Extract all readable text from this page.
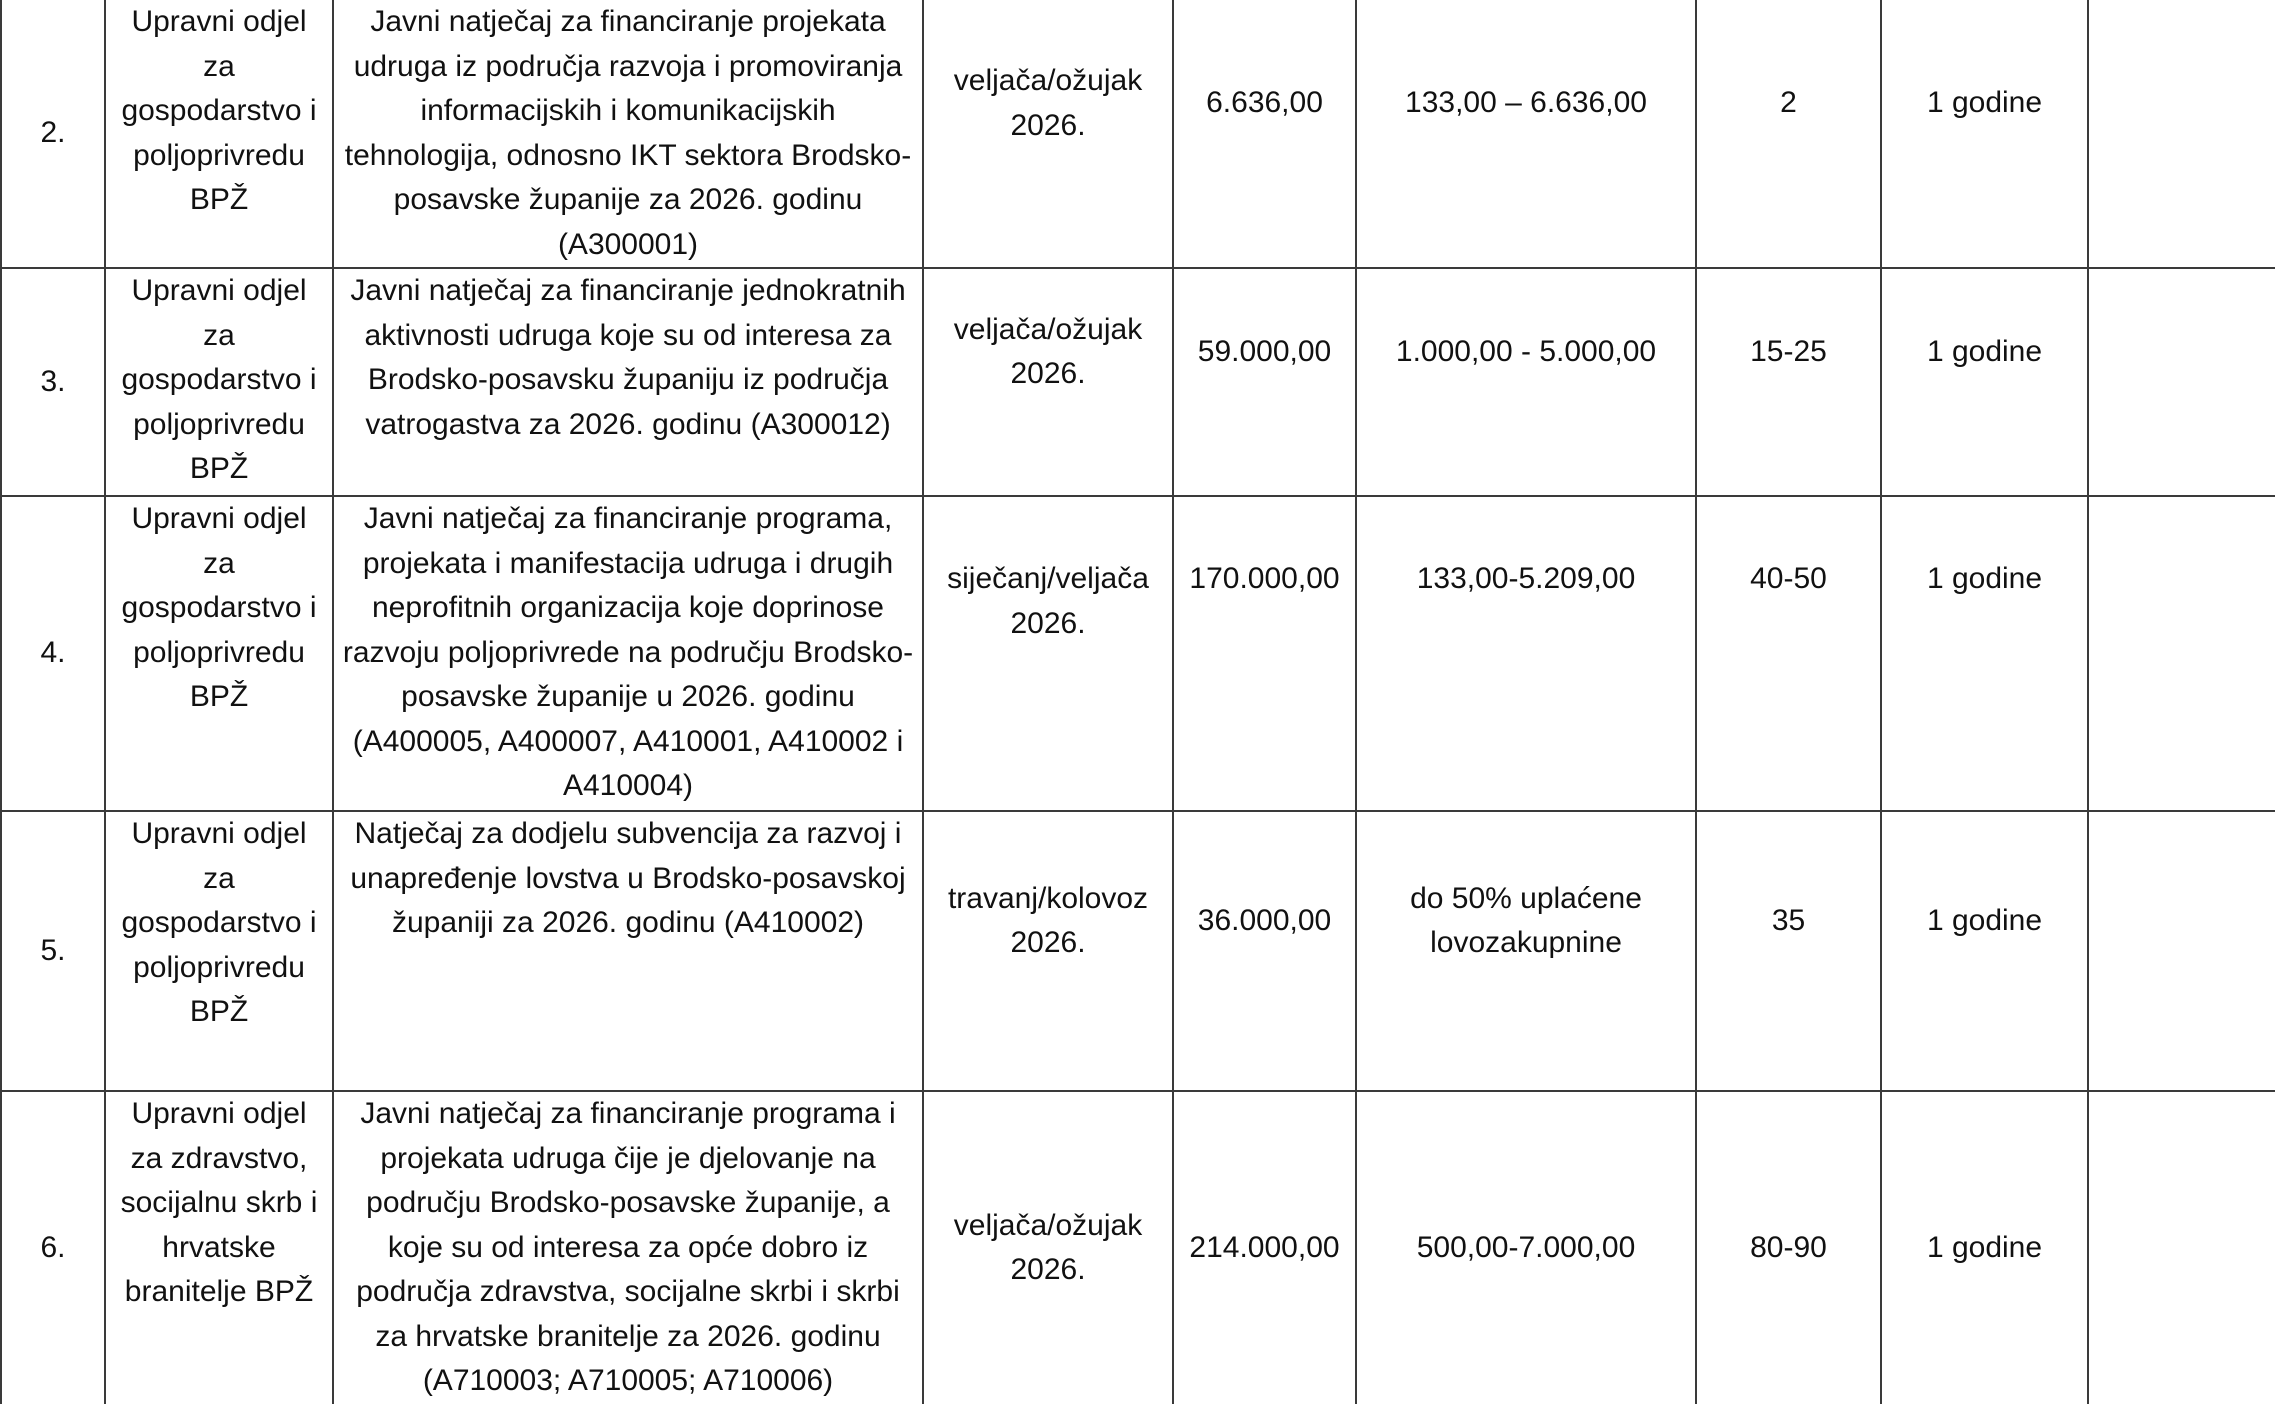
2.	Upravni odjel za gospodarstvo i poljoprivredu BPŽ	Javni natječaj za financiranje projekata udruga iz područja razvoja i promoviranja informacijskih i komunikacijskih tehnologija, odnosno IKT sektora Brodsko-posavske županije za 2026. godinu (A300001)	veljača/ožujak 2026.	6.636,00	133,00 – 6.636,00	2	1 godine	
3.	Upravni odjel za gospodarstvo i poljoprivredu BPŽ	Javni natječaj za financiranje jednokratnih aktivnosti udruga koje su od interesa za Brodsko-posavsku županiju iz područja vatrogastva za 2026. godinu (A300012)	veljača/ožujak 2026.	59.000,00	1.000,00 - 5.000,00	15-25	1 godine	
4.	Upravni odjel za gospodarstvo i poljoprivredu BPŽ	Javni natječaj za financiranje programa, projekata i manifestacija udruga i drugih neprofitnih organizacija koje doprinose razvoju poljoprivrede na području Brodsko-posavske županije u 2026. godinu (A400005, A400007, A410001, A410002 i A410004)	siječanj/veljača 2026.	170.000,00	133,00-5.209,00	40-50	1 godine	
5.	Upravni odjel za gospodarstvo i poljoprivredu BPŽ	Natječaj za dodjelu subvencija za razvoj i unapređenje lovstva u Brodsko-posavskoj županiji za 2026. godinu (A410002)	travanj/kolovoz 2026.	36.000,00	do 50% uplaćene lovozakupnine	35	1 godine	
6.	Upravni odjel za zdravstvo, socijalnu skrb i hrvatske branitelje BPŽ	Javni natječaj za financiranje programa i projekata udruga čije je djelovanje na području Brodsko-posavske županije, a koje su od interesa za opće dobro iz područja zdravstva, socijalne skrbi i skrbi za hrvatske branitelje za 2026. godinu (A710003; A710005; A710006)	veljača/ožujak 2026.	214.000,00	500,00-7.000,00	80-90	1 godine	
